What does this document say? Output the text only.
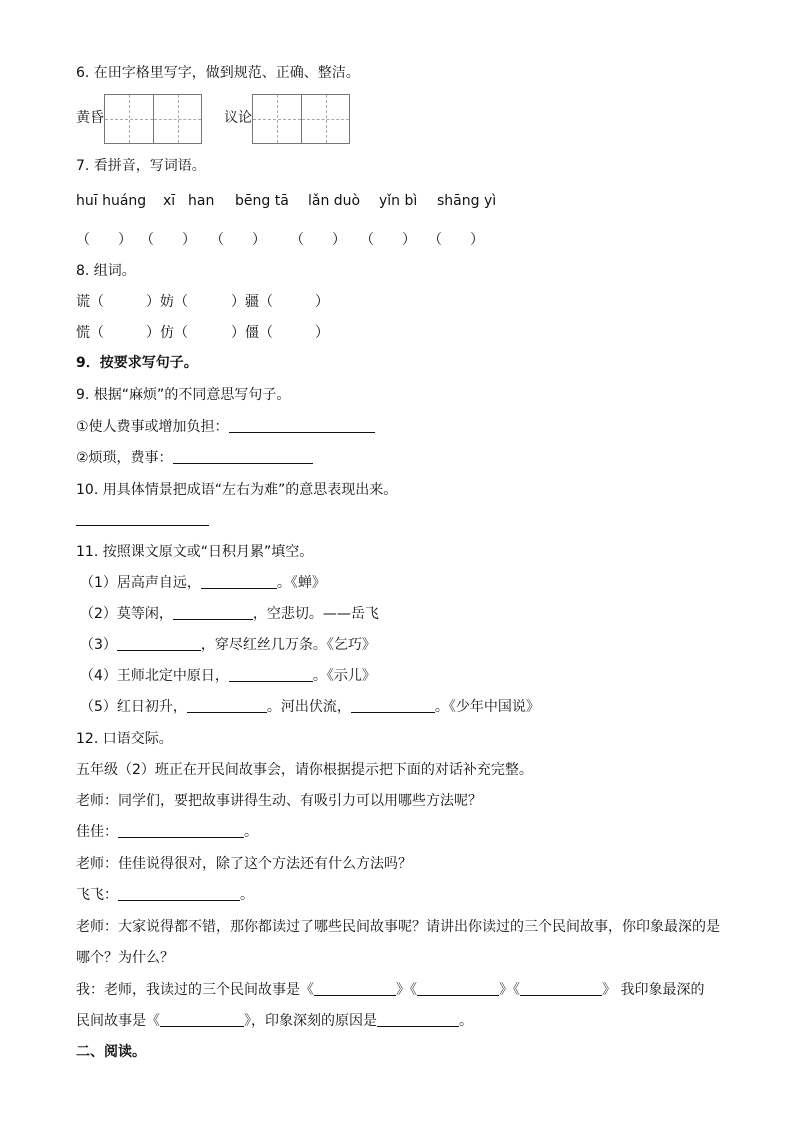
6. 在田字格里写字，做到规范、正确、整洁。
黄昏	议论
7. 看拼音，写词语。
huī huáng xī han bēng tā lǎn duò yǐn bì shāng yì
（　　） （　　） （　　） （　　） （　　） （　　）
8. 组词。
谎（	）妨（	）疆（	）
慌（	）仿（	）僵（	）
9．按要求写句子。
9. 根据“麻烦”的不同意思写句子。
①使人费事或增加负担：
②烦琐，费事：
10. 用具体情景把成语“左右为难”的意思表现出来。
11. 按照课文原文或“日积月累”填空。
（1）居高声自远，	。《蝉》
（2）莫等闲，	，空悲切。——岳飞
（3）	，穿尽红丝几万条。《乞巧》
（4）王师北定中原日，	。《示儿》
（5）红日初升，	。河出伏流，	。《少年中国说》
12. 口语交际。
五年级（2）班正在开民间故事会，请你根据提示把下面的对话补充完整。
老师：同学们，要把故事讲得生动、有吸引力可以用哪些方法呢？
佳佳：	。
老师：佳佳说得很对，除了这个方法还有什么方法吗？
飞飞：	。
老师：大家说得都不错，那你都读过了哪些民间故事呢？请讲出你读过的三个民间故事，你印象最深的是
哪个？为什么？
我：老师，我读过的三个民间故事是《	》《	》《	》 我印象最深的
民间故事是《	》，印象深刻的原因是	。
二、阅读。
